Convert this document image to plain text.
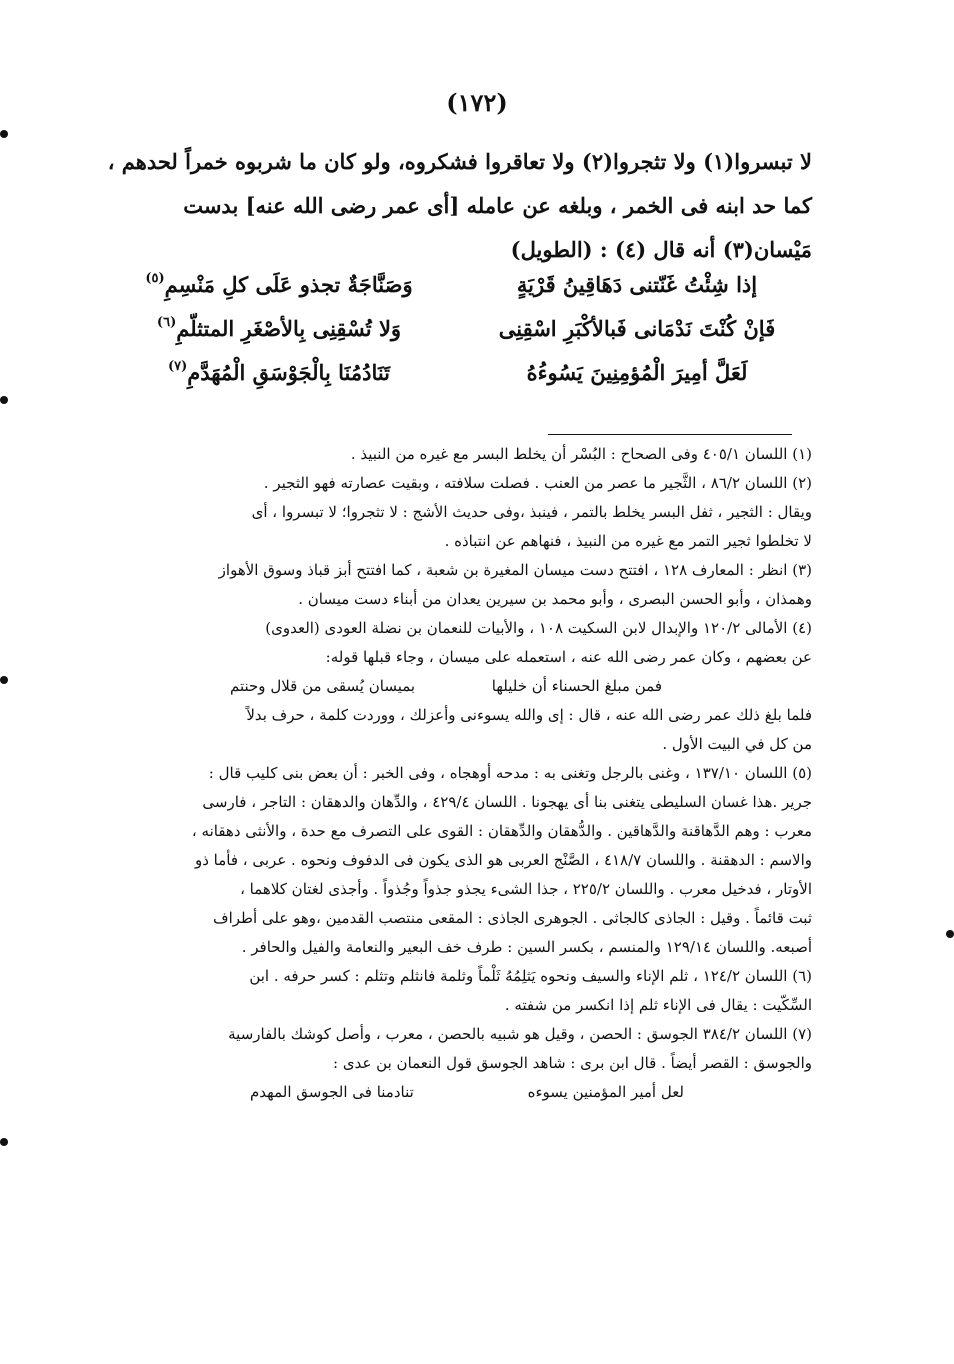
(١٧٢)

لا تبسروا(١) ولا تثجروا(٢) ولا تعاقروا فشكروه، ولو كان ما شربوه خمراً لحدهم ،

كما حد ابنه فى الخمر ، وبلغه عن عامله [أى عمر رضى الله عنه] بدست

مَيْسان(٣) أنه قال (٤) : (الطويل)

إذا شِئْتُ غَنّتنى دَهَاقِينُ قَرْيَةٍ
وَصَنَّاجَةٌ تجذو عَلَى كلِ مَنْسِمِ$^{(٥)}$
فَإنْ كُنْتَ نَدْمَانى فَبالأكْبَرِ اسْقِنِى
وَلا تُسْقِنِى بِالأصْغَرِ المتثلّمِ$^{(٦)}$
لَعَلَّ أمِيرَ الْمُؤمِنِينَ يَسُوءُهُ
تَنَادُمُنَا بِالْجَوْسَقِ الْمُهَدَّمِ$^{(٧)}$

(١) اللسان ٤٠٥/١ وفى الصحاح : البُسْر أن يخلط البسر مع غيره من النبيذ .

(٢) اللسان ٨٦/٢ ، الثَّجير ما عصر من العنب . فصلت سلافته ، وبقيت عصارته فهو الثجير .

ويقال : الثجير ، ثفل البسر يخلط بالتمر ، فينبذ ،وفى حديث الأشج : لا تثجروا؛ لا تبسروا ، أى

لا تخلطوا ثجير التمر مع غيره من النبيذ ، فنهاهم عن انتباذه .

(٣) انظر : المعارف ١٢٨ ، افتتح دست ميسان المغيرة بن شعبة ، كما افتتح أبز قباذ وسوق الأهواز

وهمذان ، وأبو الحسن البصرى ، وأبو محمد بن سيرين يعدان من أبناء دست ميسان .

(٤) الأمالى ١٢٠/٢ والإبدال لابن السكيت ١٠٨ ، والأبيات للنعمان بن نضلة العودى (العدوى)

عن بعضهم ، وكان عمر رضى الله عنه ، استعمله على ميسان ، وجاء قبلها قوله:

فمن مبلغ الحسناء أن خليلها
بميسان يُسقى من قلال وحنتم

فلما بلغ ذلك عمر رضى الله عنه ، قال : إى والله يسوءنى وأعزلك ، ووردت كلمة ، حرف بدلاً

من كل في البيت الأول .

(٥) اللسان ١٣٧/١٠ ، وغنى بالرجل وتغنى به : مدحه أوهجاه ، وفى الخبر : أن بعض بنى كليب قال :

جرير .هذا غسان السليطى يتغنى بنا أى يهجونا . اللسان ٤٢٩/٤ ، والدِّهان والدهقان : التاجر ، فارسى

معرب : وهم الدَّهاقنة والدَّهاقين . والدُّهقان والدِّهقان : القوى على التصرف مع حدة ، والأنثى دهقانه ،

والاسم : الدهقنة . واللسان ٤١٨/٧ ، الصَّنْج العربى هو الذى يكون فى الدفوف ونحوه . عربى ، فأما ذو

الأوتار ، فدخيل معرب . واللسان ٢٢٥/٢ ، جذا الشىء يجذو جذواً وجُذواً . وأجذى لغتان كلاهما ،

ثبت قائماً . وقيل : الجاذى كالجاثى . الجوهرى الجاذى : المقعى منتصب القدمين ،وهو على أطراف

أصبعه. واللسان ١٢٩/١٤ والمنسم ، بكسر السين : طرف خف البعير والنعامة والفيل والحافر .

(٦) اللسان ١٢٤/٢ ، ثلم الإناء والسيف ونحوه يَثلِمُهُ ثَلْماً وثلمة فانثلم وتثلم : كسر حرفه . ابن

السِّكّيت : يقال فى الإناء ثلم إذا انكسر من شفته .

(٧) اللسان ٣٨٤/٢ الجوسق : الحصن ، وقيل هو شبيه بالحصن ، معرب ، وأصل كوشك بالفارسية

والجوسق : القصر أيضاً . قال ابن برى : شاهد الجوسق قول النعمان بن عدى :

لعل أمير المؤمنين يسوءه
تنادمنا فى الجوسق المهدم
